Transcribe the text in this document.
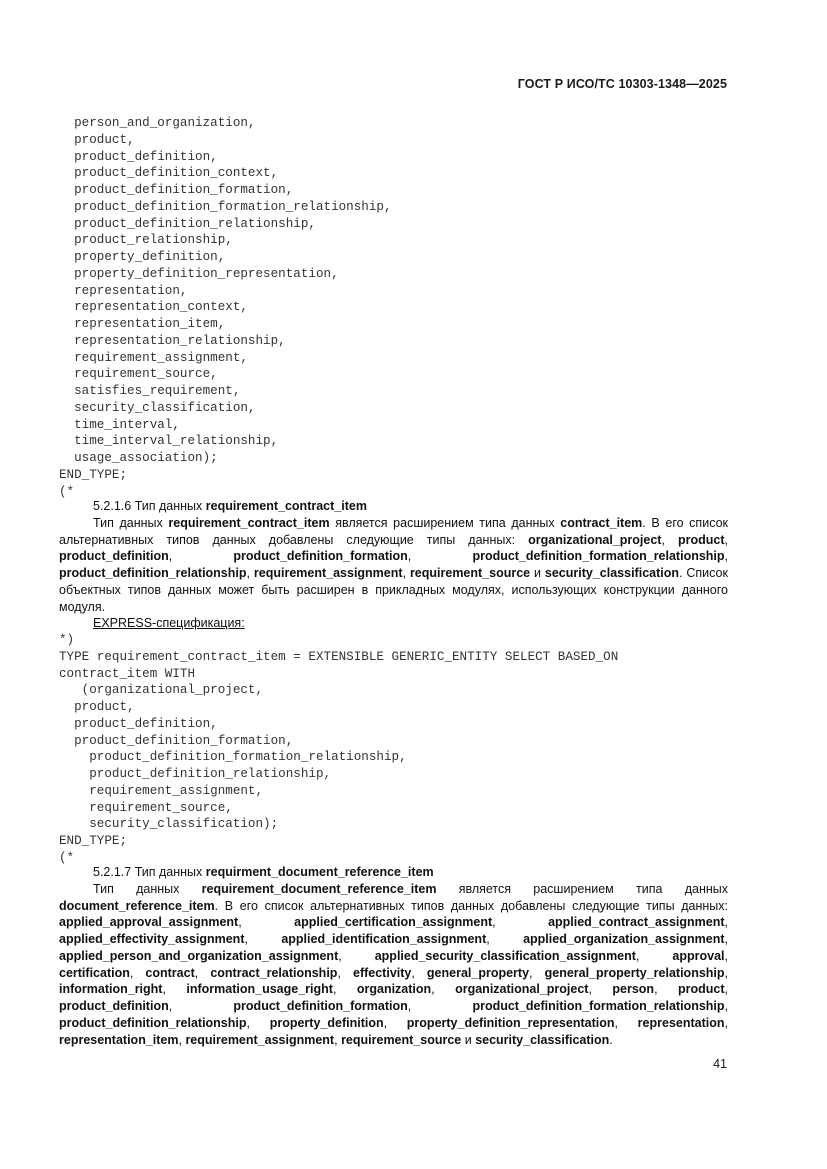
ГОСТ Р ИСО/ТС 10303-1348—2025
person_and_organization,
product,
product_definition,
product_definition_context,
product_definition_formation,
product_definition_formation_relationship,
product_definition_relationship,
product_relationship,
property_definition,
property_definition_representation,
representation,
representation_context,
representation_item,
representation_relationship,
requirement_assignment,
requirement_source,
satisfies_requirement,
security_classification,
time_interval,
time_interval_relationship,
usage_association);
END_TYPE;
(*

5.2.1.6 Тип данных requirement_contract_item

Тип данных requirement_contract_item является расширением типа данных contract_item. В его список альтернативных типов данных добавлены следующие типы данных: organizational_project, product, product_definition, product_definition_formation, product_definition_formation_relationship, product_definition_relationship, requirement_assignment, requirement_source и security_classification. Список объектных типов данных может быть расширен в прикладных модулях, использующих конструкции данного модуля.

EXPRESS-спецификация:

*)
TYPE requirement_contract_item = EXTENSIBLE GENERIC_ENTITY SELECT BASED_ON
contract_item WITH
(organizational_project,
product,
product_definition,
product_definition_formation,
product_definition_formation_relationship,
product_definition_relationship,
requirement_assignment,
requirement_source,
security_classification);
END_TYPE;
(*

5.2.1.7 Тип данных requirment_document_reference_item

Тип данных requirement_document_reference_item является расширением типа данных document_reference_item. В его список альтернативных типов данных добавлены следующие типы данных: applied_approval_assignment, applied_certification_assignment, applied_contract_assignment, applied_effectivity_assignment, applied_identification_assignment, applied_organization_assignment, applied_person_and_organization_assignment, applied_security_classification_assignment, approval, certification, contract, contract_relationship, effectivity, general_property, general_property_relationship, information_right, information_usage_right, organization, organizational_project, person, product, product_definition, product_definition_formation, product_definition_formation_relationship, product_definition_relationship, property_definition, property_definition_representation, representation, representation_item, requirement_assignment, requirement_source и security_classification.

41
